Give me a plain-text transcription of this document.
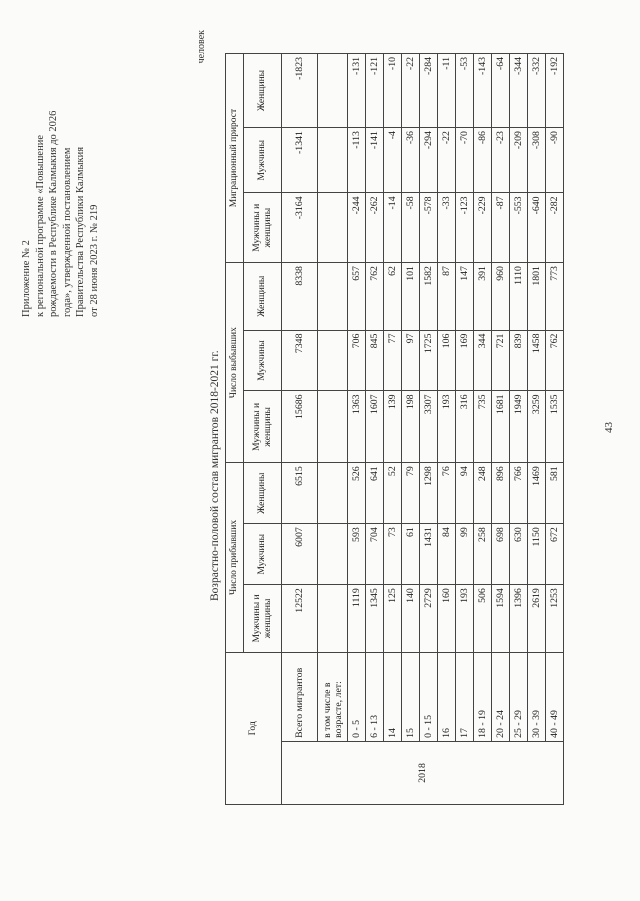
Приложение № 2 к региональной программе «Повышение рождаемости в Республике Калмыкия до 2026 года», утвержденной постановлением Правительства Республики Калмыкия от 28 июня 2023 г. № 219
человек
Возрастно-половой состав мигрантов 2018-2021 гг.
Год		Число прибывших			Число выбывших			Миграционный прирост		
		Мужчины и женщины	Мужчины	Женщины	Мужчины и женщины	Мужчины	Женщины	Мужчины и женщины	Мужчины	Женщины
2018	Всего мигрантов	12522	6007	6515	15686	7348	8338	-3164	-1341	-1823
	в том числе в возрасте, лет:									
	0 - 5	1119	593	526	1363	706	657	-244	-113	-131
	6 - 13	1345	704	641	1607	845	762	-262	-141	-121
	14	125	73	52	139	77	62	-14	-4	-10
	15	140	61	79	198	97	101	-58	-36	-22
	0 - 15	2729	1431	1298	3307	1725	1582	-578	-294	-284
	16	160	84	76	193	106	87	-33	-22	-11
	17	193	99	94	316	169	147	-123	-70	-53
	18 - 19	506	258	248	735	344	391	-229	-86	-143
	20 - 24	1594	698	896	1681	721	960	-87	-23	-64
	25 - 29	1396	630	766	1949	839	1110	-553	-209	-344
	30 - 39	2619	1150	1469	3259	1458	1801	-640	-308	-332
	40 - 49	1253	672	581	1535	762	773	-282	-90	-192
43
